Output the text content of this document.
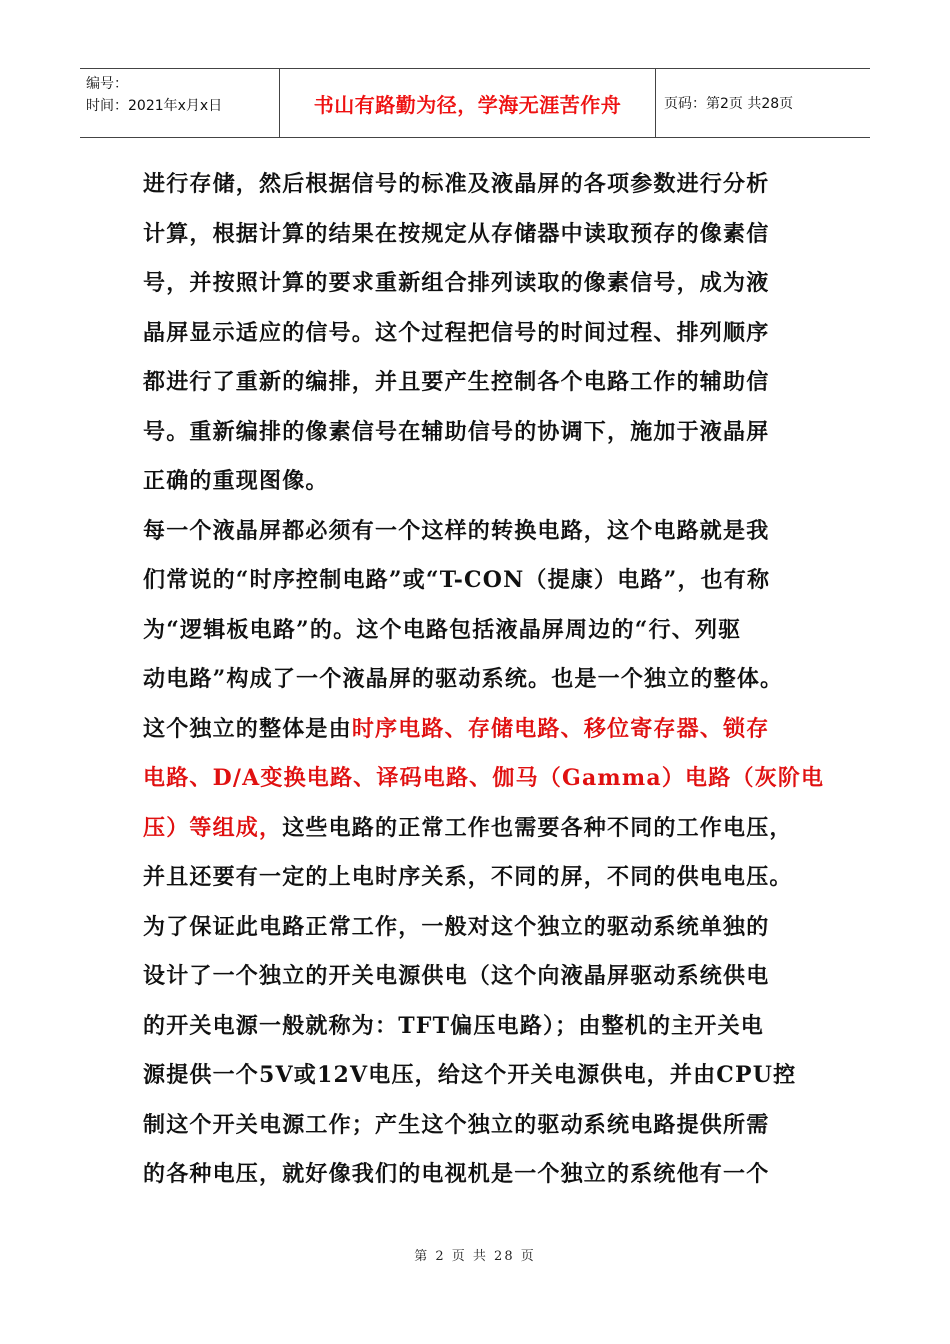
编号：
时间：2021年x月x日	书山有路勤为径，学海无涯苦作舟	页码：第2页 共28页
进行存储，然后根据信号的标准及液晶屏的各项参数进行分析
计算，根据计算的结果在按规定从存储器中读取预存的像素信
号，并按照计算的要求重新组合排列读取的像素信号，成为液
晶屏显示适应的信号。这个过程把信号的时间过程、排列顺序
都进行了重新的编排，并且要产生控制各个电路工作的辅助信
号。重新编排的像素信号在辅助信号的协调下，施加于液晶屏
正确的重现图像。
每一个液晶屏都必须有一个这样的转换电路，这个电路就是我
们常说的“时序控制电路”或“T-CON（提康）电路”，也有称
为“逻辑板电路”的。这个电路包括液晶屏周边的“行、列驱
动电路”构成了一个液晶屏的驱动系统。也是一个独立的整体。
这个独立的整体是由时序电路、存储电路、移位寄存器、锁存
电路、D/A变换电路、译码电路、伽马（Gamma）电路（灰阶电
压）等组成，这些电路的正常工作也需要各种不同的工作电压，
并且还要有一定的上电时序关系，不同的屏，不同的供电电压。
为了保证此电路正常工作，一般对这个独立的驱动系统单独的
设计了一个独立的开关电源供电（这个向液晶屏驱动系统供电
的开关电源一般就称为：TFT偏压电路）；由整机的主开关电
源提供一个5V或12V电压，给这个开关电源供电，并由CPU控
制这个开关电源工作；产生这个独立的驱动系统电路提供所需
的各种电压，就好像我们的电视机是一个独立的系统他有一个
第 2 页 共 28 页
